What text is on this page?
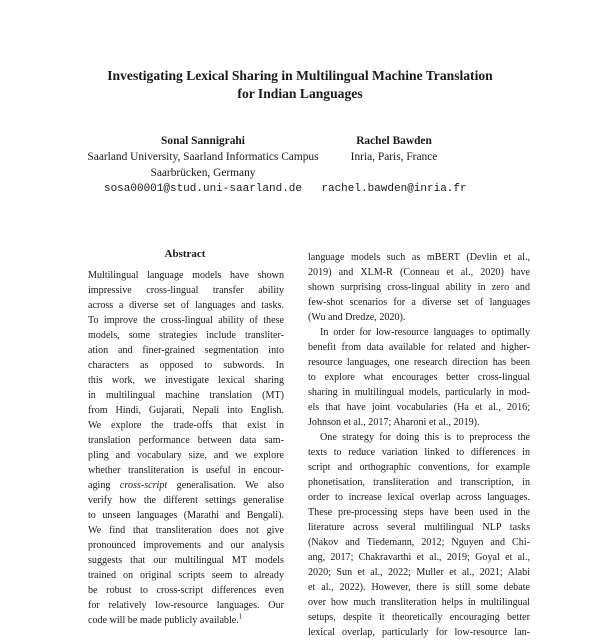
Investigating Lexical Sharing in Multilingual Machine Translation
for Indian Languages
Sonal Sannigrahi
Saarland University, Saarland Informatics Campus
Saarbrücken, Germany
sosa00001@stud.uni-saarland.de
Rachel Bawden
Inria, Paris, France
rachel.bawden@inria.fr
Abstract
Multilingual language models have shown
impressive cross-lingual transfer ability
across a diverse set of languages and tasks.
To improve the cross-lingual ability of these
models, some strategies include transliter-
ation and finer-grained segmentation into
characters as opposed to subwords. In
this work, we investigate lexical sharing
in multilingual machine translation (MT)
from Hindi, Gujarati, Nepali into English.
We explore the trade-offs that exist in
translation performance between data sam-
pling and vocabulary size, and we explore
whether transliteration is useful in encour-
aging cross-script generalisation. We also
verify how the different settings generalise
to unseen languages (Marathi and Bengali).
We find that transliteration does not give
pronounced improvements and our analysis
suggests that our multilingual MT models
trained on original scripts seem to already
be robust to cross-script differences even
for relatively low-resource languages. Our
code will be made publicly available.$^1$
language models such as mBERT (Devlin et al.,
2019) and XLM-R (Conneau et al., 2020) have
shown surprising cross-lingual ability in zero and
few-shot scenarios for a diverse set of languages
(Wu and Dredze, 2020).
In order for low-resource languages to optimally
benefit from data available for related and higher-
resource languages, one research direction has been
to explore what encourages better cross-lingual
sharing in multilingual models, particularly in mod-
els that have joint vocabularies (Ha et al., 2016;
Johnson et al., 2017; Aharoni et al., 2019).
One strategy for doing this is to preprocess the
texts to reduce variation linked to differences in
script and orthographic conventions, for example
phonetisation, transliteration and transcription, in
order to increase lexical overlap across languages.
These pre-processing steps have been used in the
literature across several multilingual NLP tasks
(Nakov and Tiedemann, 2012; Nguyen and Chi-
ang, 2017; Chakravarthi et al., 2019; Goyal et al.,
2020; Sun et al., 2022; Muller et al., 2021; Alabi
et al., 2022). However, there is still some debate
over how much transliteration helps in multilingual
setups, despite it theoretically encouraging better
lexical overlap, particularly for low-resource lan-
